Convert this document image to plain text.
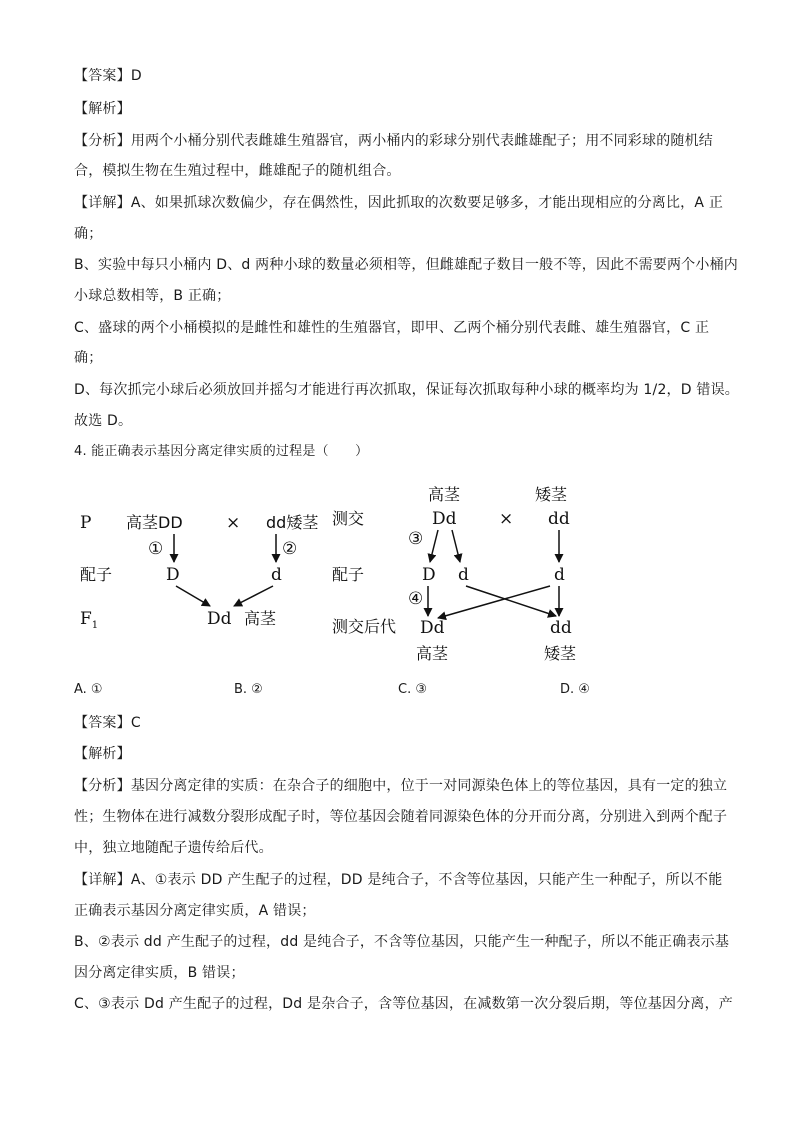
【答案】D
【解析】
【分析】用两个小桶分别代表雌雄生殖器官，两小桶内的彩球分别代表雌雄配子；用不同彩球的随机结
合，模拟生物在生殖过程中，雌雄配子的随机组合。
【详解】A、如果抓球次数偏少，存在偶然性，因此抓取的次数要足够多，才能出现相应的分离比，A 正
确；
B、实验中每只小桶内 D、d 两种小球的数量必须相等，但雌雄配子数目一般不等，因此不需要两个小桶内
小球总数相等，B 正确；
C、盛球的两个小桶模拟的是雌性和雄性的生殖器官，即甲、乙两个桶分别代表雌、雄生殖器官，C 正
确；
D、每次抓完小球后必须放回并摇匀才能进行再次抓取，保证每次抓取每种小球的概率均为 1/2，D 错误。
故选 D。
4. 能正确表示基因分离定律实质的过程是（　　）
P
配子
$F_1$
高茎DD	× dd矮茎
①	②
D	d
Dd 高茎
测交
高茎	矮茎
Dd × dd
③
配子	D d	d
④
测交后代 Dd	dd
高茎	矮茎
A. ①	B. ②	C. ③	D. ④
【答案】C
【解析】
【分析】基因分离定律的实质：在杂合子的细胞中，位于一对同源染色体上的等位基因，具有一定的独立
性；生物体在进行减数分裂形成配子时，等位基因会随着同源染色体的分开而分离，分别进入到两个配子
中，独立地随配子遗传给后代。
【详解】A、①表示 DD 产生配子的过程，DD 是纯合子，不含等位基因，只能产生一种配子，所以不能
正确表示基因分离定律实质，A 错误；
B、②表示 dd 产生配子的过程，dd 是纯合子，不含等位基因，只能产生一种配子，所以不能正确表示基
因分离定律实质，B 错误；
C、③表示 Dd 产生配子的过程，Dd 是杂合子，含等位基因，在减数第一次分裂后期，等位基因分离，产
